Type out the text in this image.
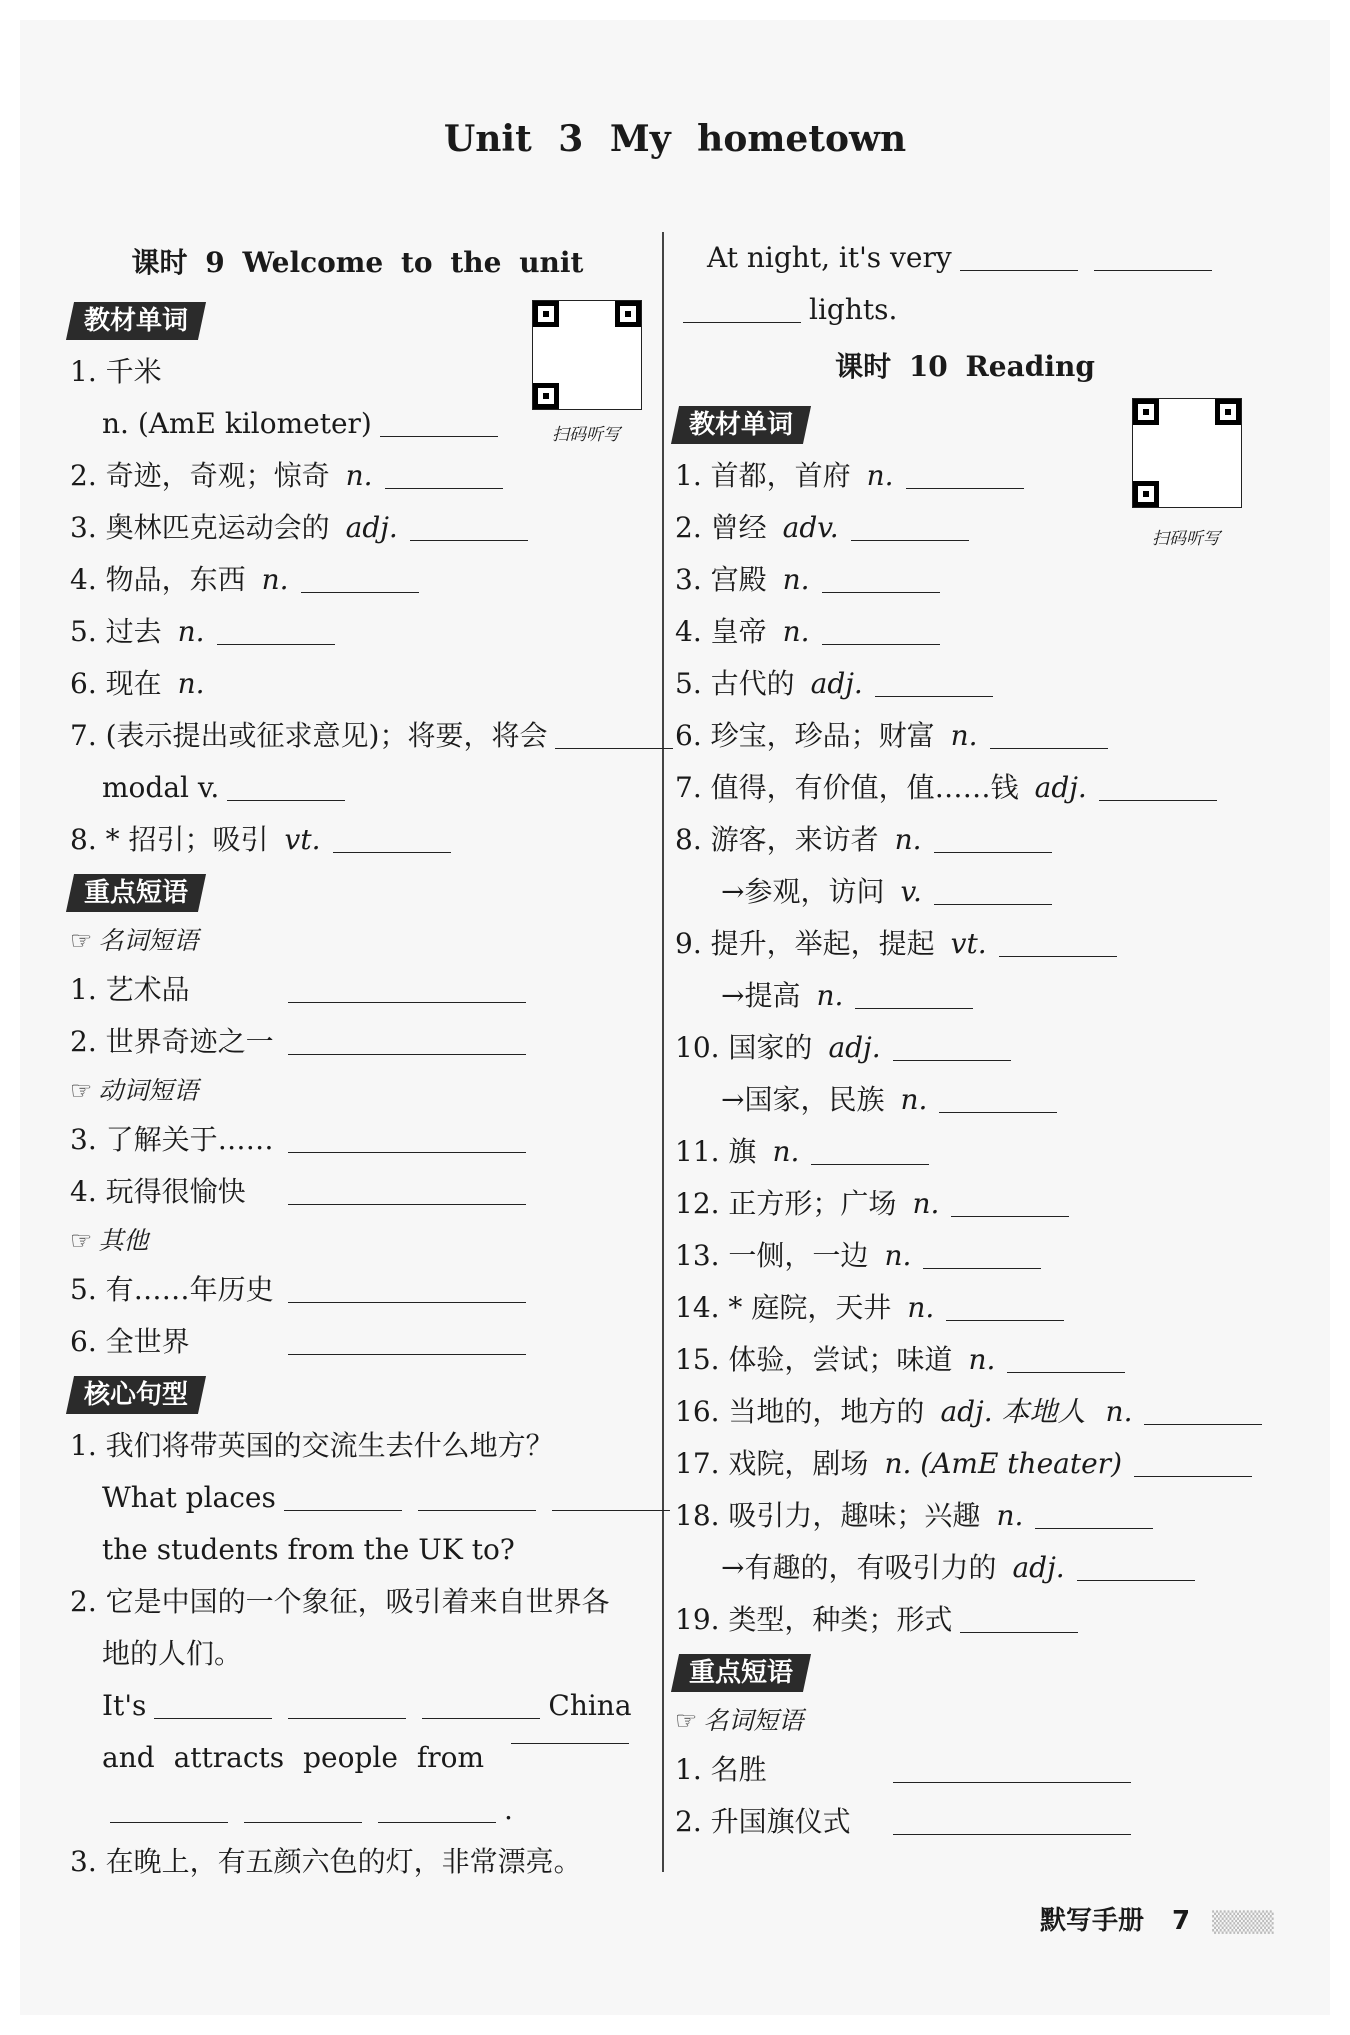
Unit 3 My hometown
扫码听写
扫码听写
课时 9 Welcome to the unit
教材单词
1. 千米
n. (AmE kilometer)
2. 奇迹，奇观；惊奇 n.
3. 奥林匹克运动会的 adj.
4. 物品，东西 n.
5. 过去 n.
6. 现在 n.
7. (表示提出或征求意见)；将要，将会
modal v.
8. * 招引；吸引 vt.
重点短语
☞ 名词短语
1. 艺术品
2. 世界奇迹之一
☞ 动词短语
3. 了解关于……
4. 玩得很愉快
☞ 其他
5. 有……年历史
6. 全世界
核心句型
1. 我们将带英国的交流生去什么地方？
What places
the students from the UK to?
2. 它是中国的一个象征，吸引着来自世界各
地的人们。
It's	China
and attracts people from
.
3. 在晚上，有五颜六色的灯，非常漂亮。
At night, it's very
lights.
课时 10 Reading
教材单词
1. 首都，首府 n.
2. 曾经 adv.
3. 宫殿 n.
4. 皇帝 n.
5. 古代的 adj.
6. 珍宝，珍品；财富 n.
7. 值得，有价值，值……钱 adj.
8. 游客，来访者 n.
→参观，访问 v.
9. 提升，举起，提起 vt.
→提高 n.
10. 国家的 adj.
→国家，民族 n.
11. 旗 n.
12. 正方形；广场 n.
13. 一侧，一边 n.
14. * 庭院，天井 n.
15. 体验，尝试；味道 n.
16. 当地的，地方的 adj. 本地人 n.
17. 戏院，剧场 n. (AmE theater)
18. 吸引力，趣味；兴趣 n.
→有趣的，有吸引力的 adj.
19. 类型，种类；形式
重点短语
☞ 名词短语
1. 名胜
2. 升国旗仪式
默写手册 7 ▒▒▒▒
